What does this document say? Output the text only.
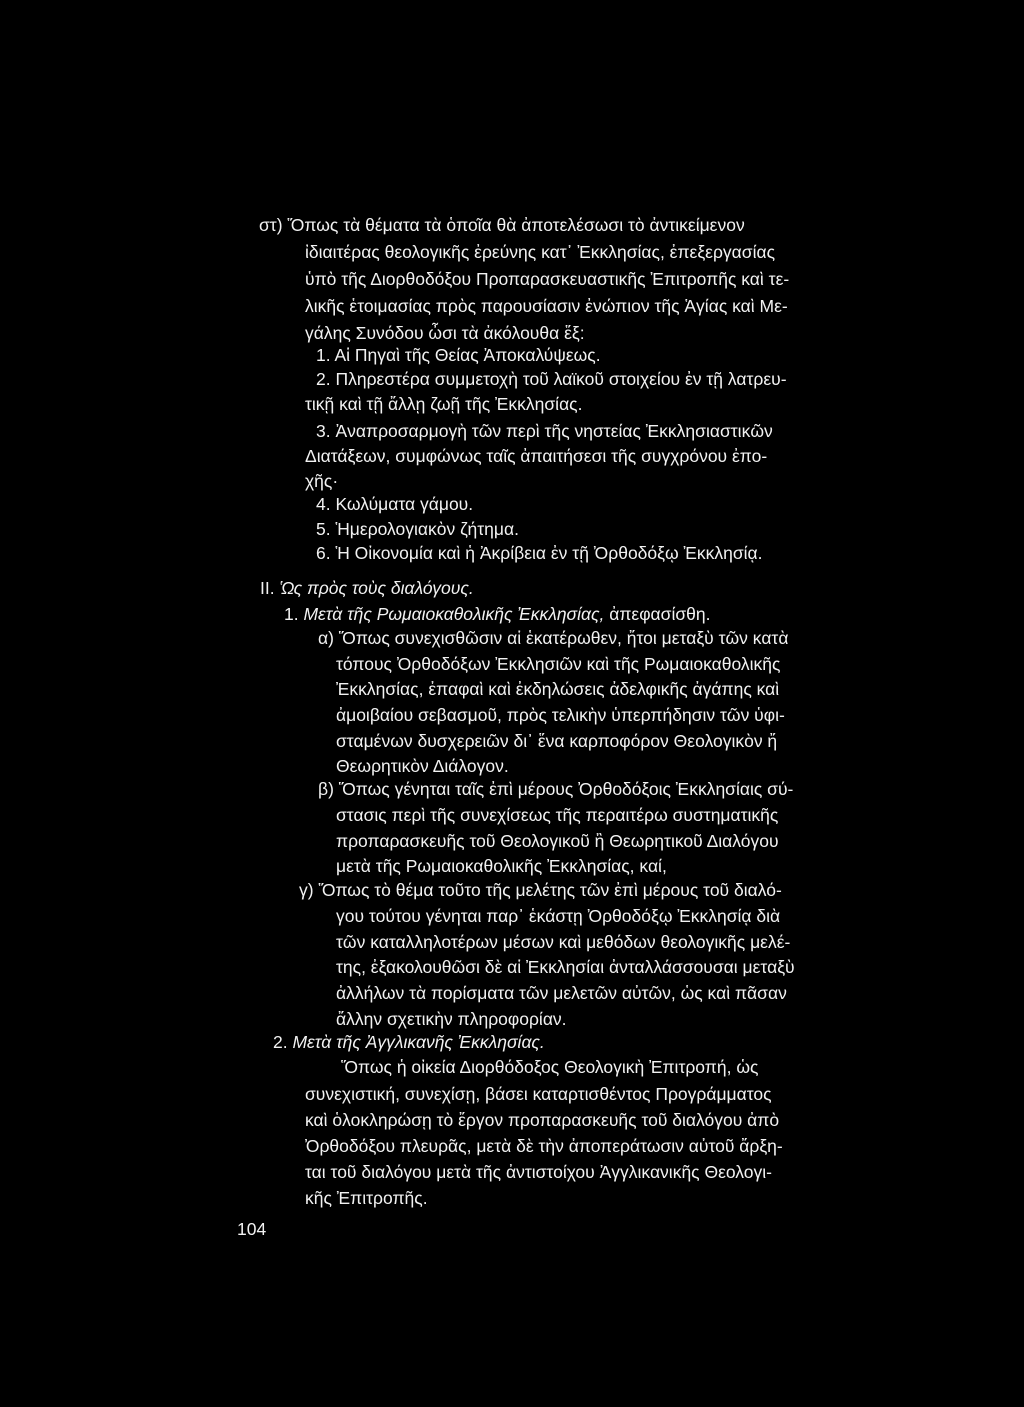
στ) Ὅπως τὰ θέματα τὰ ὁποῖα θὰ ἀποτελέσωσι τὸ ἀντικείμενον
ἰδιαιτέρας θεολογικῆς ἐρεύνης κατ᾽ Ἐκκλησίας, ἐπεξεργασίας
ὑπὸ τῆς Διορθοδόξου Προπαρασκευαστικῆς Ἐπιτροπῆς καὶ τε-
λικῆς ἑτοιμασίας πρὸς παρουσίασιν ἐνώπιον τῆς Ἁγίας καὶ Με-
γάλης Συνόδου ὦσι τὰ ἀκόλουθα ἕξ:
1. Αἱ Πηγαὶ τῆς Θείας Ἀποκαλύψεως.
2. Πληρεστέρα συμμετοχὴ τοῦ λαϊκοῦ στοιχείου ἐν τῇ λατρευ-
τικῇ καὶ τῇ ἄλλῃ ζωῇ τῆς Ἐκκλησίας.
3. Ἀναπροσαρμογὴ τῶν περὶ τῆς νηστείας Ἐκκλησιαστικῶν
Διατάξεων, συμφώνως ταῖς ἀπαιτήσεσι τῆς συγχρόνου ἐπο-
χῆς·
4. Κωλύματα γάμου.
5. Ἡμερολογιακὸν ζήτημα.
6. Ἡ Οἰκονομία καὶ ἡ Ἀκρίβεια ἐν τῇ Ὀρθοδόξῳ Ἐκκλησίᾳ.
II. Ὡς πρὸς τοὺς διαλόγους.
1. Μετὰ τῆς Ρωμαιοκαθολικῆς Ἐκκλησίας, ἀπεφασίσθη.
α) Ὅπως συνεχισθῶσιν αἱ ἑκατέρωθεν, ἤτοι μεταξὺ τῶν κατὰ
τόπους Ὀρθοδόξων Ἐκκλησιῶν καὶ τῆς Ρωμαιοκαθολικῆς
Ἐκκλησίας, ἐπαφαὶ καὶ ἐκδηλώσεις ἀδελφικῆς ἀγάπης καὶ
ἀμοιβαίου σεβασμοῦ, πρὸς τελικὴν ὑπερπήδησιν τῶν ὑφι-
σταμένων δυσχερειῶν δι᾽ ἕνα καρποφόρον Θεολογικὸν ἤ
Θεωρητικὸν Διάλογον.
β) Ὅπως γένηται ταῖς ἐπὶ μέρους Ὀρθοδόξοις Ἐκκλησίαις σύ-
στασις περὶ τῆς συνεχίσεως τῆς περαιτέρω συστηματικῆς
προπαρασκευῆς τοῦ Θεολογικοῦ ἢ Θεωρητικοῦ Διαλόγου
μετὰ τῆς Ρωμαιοκαθολικῆς Ἐκκλησίας, καί,
γ) Ὅπως τὸ θέμα τοῦτο τῆς μελέτης τῶν ἐπὶ μέρους τοῦ διαλό-
γου τούτου γένηται παρ᾽ ἑκάστῃ Ὀρθοδόξῳ Ἐκκλησίᾳ διὰ
τῶν καταλληλοτέρων μέσων καὶ μεθόδων θεολογικῆς μελέ-
της, ἐξακολουθῶσι δὲ αἱ Ἐκκλησίαι ἀνταλλάσσουσαι μεταξὺ
ἀλλήλων τὰ πορίσματα τῶν μελετῶν αὐτῶν, ὡς καὶ πᾶσαν
ἄλλην σχετικὴν πληροφορίαν.
2. Μετὰ τῆς Ἀγγλικανῆς Ἐκκλησίας.
Ὅπως ἡ οἰκεία Διορθόδοξος Θεολογικὴ Ἐπιτροπή, ὡς
συνεχιστική, συνεχίσῃ, βάσει καταρτισθέντος Προγράμματος
καὶ ὁλοκληρώσῃ τὸ ἔργον προπαρασκευῆς τοῦ διαλόγου ἀπὸ
Ὀρθοδόξου πλευρᾶς, μετὰ δὲ τὴν ἀποπεράτωσιν αὐτοῦ ἄρξη-
ται τοῦ διαλόγου μετὰ τῆς ἀντιστοίχου Ἀγγλικανικῆς Θεολογι-
κῆς Ἐπιτροπῆς.
104
